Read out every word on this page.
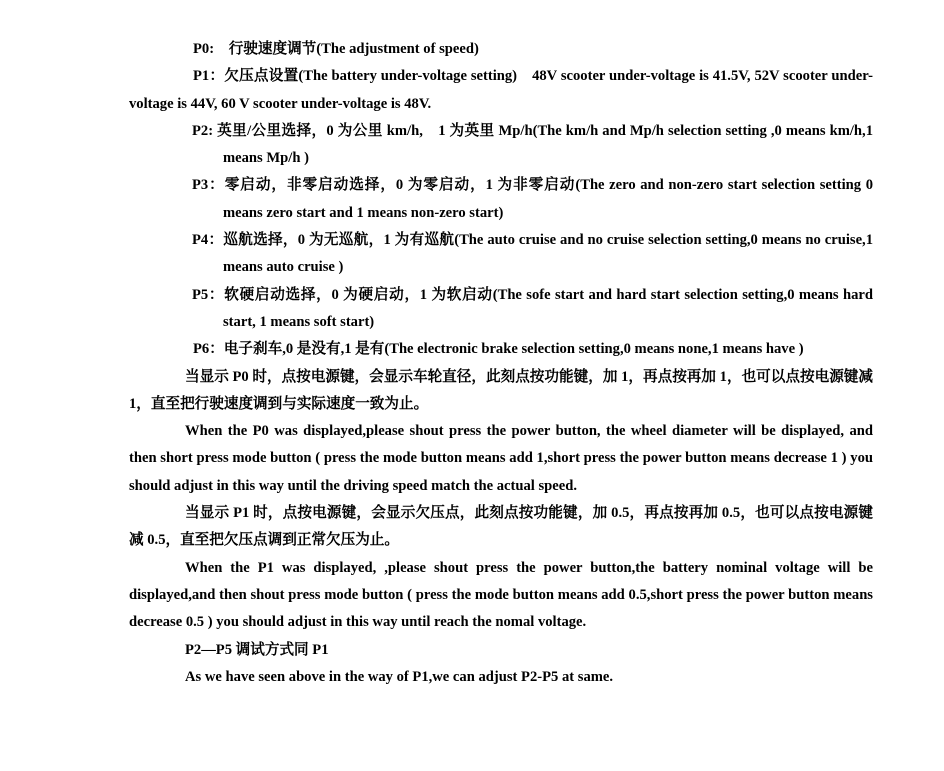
P0:　 行驶速度调节(The adjustment of speed)

P1：欠压点设置(The battery under-voltage setting)　48V scooter under-voltage is 41.5V, 52V scooter under-voltage is 44V, 60 V scooter under-voltage is 48V.

P2: 英里/公里选择，0 为公里 km/h,　1 为英里 Mp/h(The km/h and Mp/h selection setting ,0 means km/h,1 means Mp/h )

P3：零启动，非零启动选择，0 为零启动，1 为非零启动(The zero and non-zero start selection setting 0 means zero start and 1 means non-zero start)

P4：巡航选择，0 为无巡航，1 为有巡航(The auto cruise and no cruise selection setting,0 means no cruise,1 means auto cruise )

P5：软硬启动选择，0 为硬启动，1 为软启动(The sofe start and hard start selection setting,0 means hard start, 1 means soft start)

P6：电子刹车,0 是没有,1 是有(The electronic brake selection setting,0 means none,1 means have )

当显示 P0 时，点按电源键，会显示车轮直径，此刻点按功能键，加 1，再点按再加 1，也可以点按电源键减 1，直至把行驶速度调到与实际速度一致为止。

When the P0 was displayed,please shout press the power button, the wheel diameter will be displayed, and then short press mode button ( press the mode button means add 1,short press the power button means decrease 1 ) you should adjust in this way until the driving speed match the actual speed.

当显示 P1 时，点按电源键，会显示欠压点，此刻点按功能键，加 0.5，再点按再加 0.5，也可以点按电源键减 0.5，直至把欠压点调到正常欠压为止。

When the P1 was displayed, ,please shout press the power button,the battery nominal voltage will be displayed,and then shout press mode button ( press the mode button means add 0.5,short press the power button means decrease 0.5 ) you should adjust in this way until reach the nomal voltage.

P2—P5 调试方式同 P1

As we have seen above in the way of P1,we can adjust P2-P5 at same.
